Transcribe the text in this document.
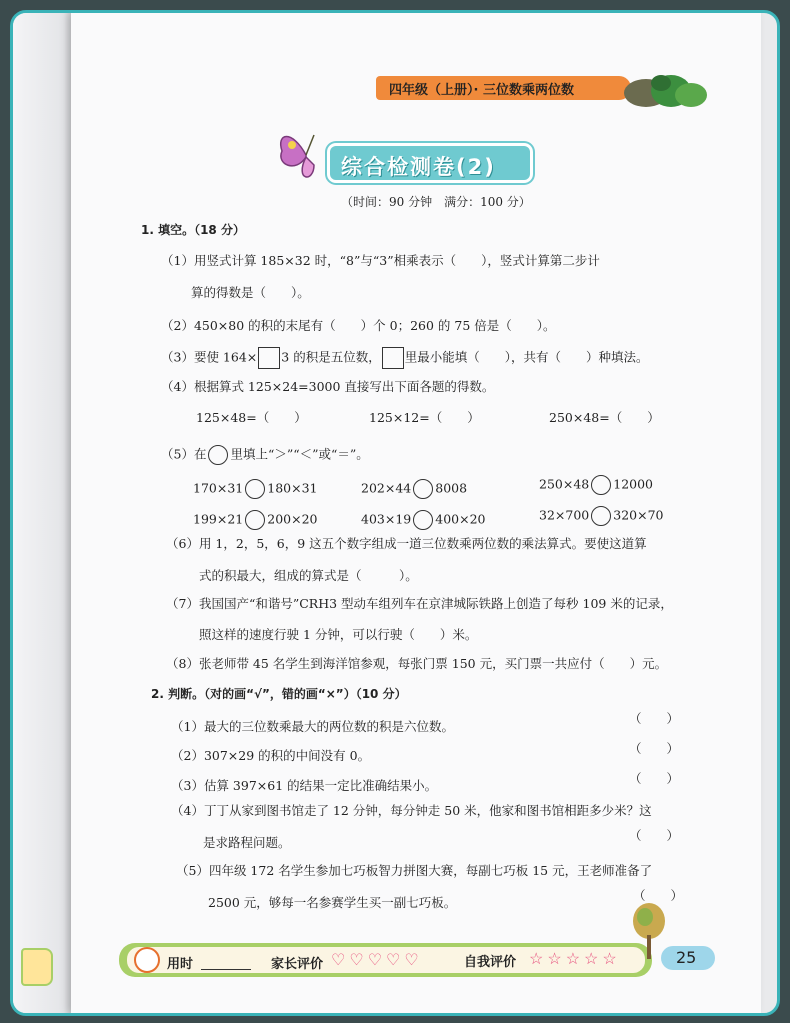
四年级（上册）· 三位数乘两位数
综合检测卷(2)
（时间：90 分钟　满分：100 分）
1. 填空。（18 分）
（1）用竖式计算 185×32 时，“8”与“3”相乘表示（　　），竖式计算第二步计
算的得数是（　　）。
（2）450×80 的积的末尾有（　　）个 0；260 的 75 倍是（　　）。
（3）要使 164× 3 的积是五位数， 里最小能填（　　），共有（　　）种填法。
（4）根据算式 125×24=3000 直接写出下面各题的得数。
125×48=（　　）	125×12=（　　）	250×48=（　　）
（5）在 里填上“＞”“＜”或“＝”。
170×31 180×31	202×44 8008	250×48 12000
199×21 200×20	403×19 400×20	32×700 320×70
（6）用 1，2，5，6，9 这五个数字组成一道三位数乘两位数的乘法算式。要使这道算
式的积最大，组成的算式是（　　　）。
（7）我国国产“和谐号”CRH3 型动车组列车在京津城际铁路上创造了每秒 109 米的记录，
照这样的速度行驶 1 分钟，可以行驶（　　）米。
（8）张老师带 45 名学生到海洋馆参观，每张门票 150 元，买门票一共应付（　　）元。
2. 判断。（对的画“√”，错的画“×”）（10 分）
（1）最大的三位数乘最大的两位数的积是六位数。
（　　）
（2）307×29 的积的中间没有 0。	（　　）
（3）估算 397×61 的结果一定比准确结果小。	（　　）
（4）丁丁从家到图书馆走了 12 分钟，每分钟走 50 米，他家和图书馆相距多少米？这
是求路程问题。	（　　）
（5）四年级 172 名学生参加七巧板智力拼图大赛，每副七巧板 15 元，王老师准备了
2500 元，够每一名参赛学生买一副七巧板。	（　　）
用时	家长评价 ♡♡♡♡♡	自我评价 ☆☆☆☆☆	25
